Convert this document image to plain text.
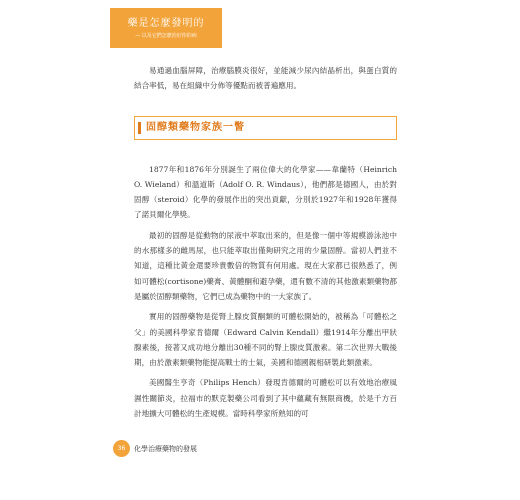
藥是怎麼發明的
— 以及它們怎麼治好你的病

易通過血腦屏障，治療腦膜炎很好，並能減少尿內結晶析出，與蛋白質的結合率低，易在組織中分佈等優點而被普遍應用。

固醇類藥物家族一瞥

1877年和1876年分別誕生了兩位偉大的化學家——韋蘭特（Heinrich O. Wieland）和溫道斯（Adolf O. R. Windaus），他們都是德國人，由於對固醇（steroid）化學的發展作出的突出貢獻，分別於1927年和1928年獲得了諾貝爾化學獎。

最初的固醇是從動物的尿液中萃取出來的，但是像一個中等規模游泳池中的水那樣多的雌馬尿，也只能萃取出僅夠研究之用的少量固醇。當初人們並不知道，這種比黃金還要珍貴數倍的物質有何用處。現在大家都已很熟悉了，例如可體松(cortisone)藥膏、黃體酮和避孕藥，還有數不清的其他激素類藥物都是屬於固醇類藥物，它們已成為藥物中的一大家族了。

實用的固醇藥物是從腎上腺皮質酮類的可體松開始的，被稱為「可體松之父」的美國科學家肯德爾（Edward Calvin Kendall）繼1914年分離出甲狀腺素後，接著又成功地分離出30種不同的腎上腺皮質激素。第二次世界大戰後期，由於激素類藥物能提高戰士的士氣，美國和德國親相研製此類激素。

美國醫生亨奇（Philips Hench）發現肯德爾的可體松可以有效地治療風濕性關節炎，拉福市的默克製藥公司看到了其中蘊藏有無限商機，於是千方百計地擴大可體松的生產規模。當時科學家所熟知的可

36	化學治療藥物的發展
